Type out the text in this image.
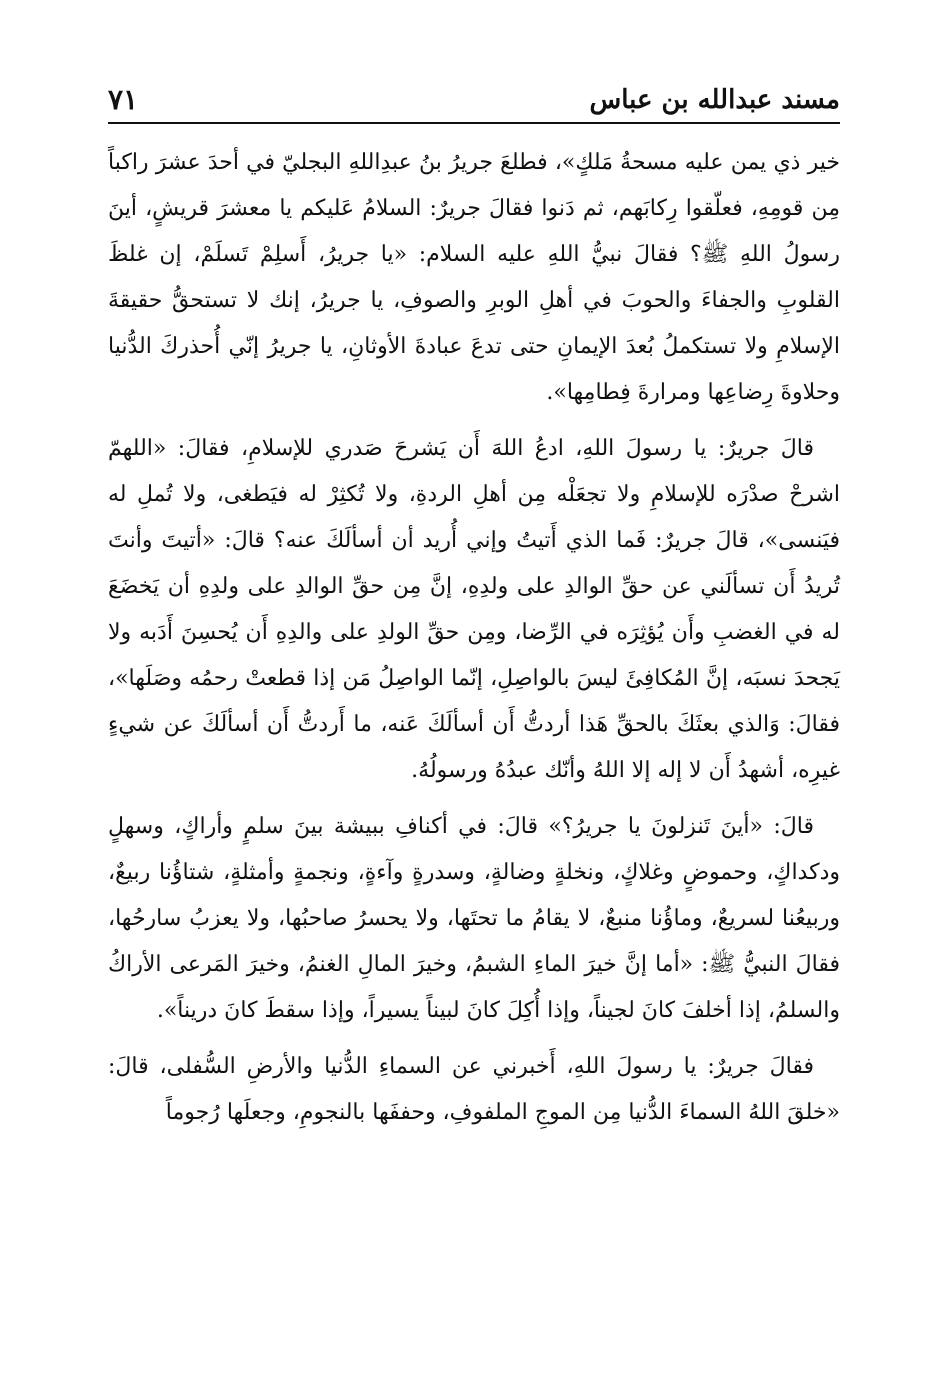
مسند عبدالله بن عباس
٧١

خير ذي يمن عليه مسحةُ مَلكٍ»، فطلعَ جريرُ بنُ عبدِاللهِ البجليّ في أحدَ عشرَ راكباً مِن قومِهِ، فعلّقوا رِكابَهم، ثم دَنوا فقالَ جريرٌ: السلامُ عَليكم يا معشرَ قريشٍ، أينَ رسولُ اللهِ ﷺ؟ فقالَ نبيُّ اللهِ عليه السلام: «يا جريرُ، أَسلِمْ تَسلَمْ، إن غلظَ القلوبِ والجفاءَ والحوبَ في أهلِ الوبرِ والصوفِ، يا جريرُ، إنك لا تستحقُّ حقيقةَ الإسلامِ ولا تستكملُ بُعدَ الإيمانِ حتى تدعَ عبادةَ الأوثانِ، يا جريرُ إنّي أُحذركَ الدُّنيا وحلاوةَ رِضاعِها ومرارةَ فِطامِها».

قالَ جريرٌ: يا رسولَ اللهِ، ادعُ اللهَ أَن يَشرحَ صَدري للإسلامِ، فقالَ: «اللهمّ اشرحْ صدْرَه للإسلامِ ولا تجعَلْه مِن أهلِ الردةِ، ولا تُكثِرْ له فيَطغى، ولا تُملِ له فيَنسى»، قالَ جريرٌ: فَما الذي أَتيتُ وإني أُريد أن أسألَكَ عنه؟ قالَ: «أتيتَ وأنتَ تُريدُ أَن تسألَني عن حقِّ الوالدِ على ولدِهِ، إنَّ مِن حقِّ الوالدِ على ولدِهِ أن يَخضَعَ له في الغضبِ وأَن يُؤثِرَه في الرِّضا، ومِن حقِّ الولدِ على والدِهِ أَن يُحسِنَ أَدَبه ولا يَجحدَ نسبَه، إنَّ المُكافِئَ ليسَ بالواصِلِ، إنّما الواصِلُ مَن إذا قطعتْ رحمُه وصَلَها»، فقالَ: وَالذي بعثَكَ بالحقِّ هَذا أردتُّ أَن أسألَكَ عَنه، ما أَردتُّ أَن أسألَكَ عن شيءٍ غيرِه، أشهدُ أَن لا إله إلا اللهُ وأنّك عبدُهُ ورسولُهُ.

قالَ: «أينَ تَنزلونَ يا جريرُ؟» قالَ: في أكنافِ ببيشة بينَ سلمٍ وأراكٍ، وسهلٍ ودكداكٍ، وحموضٍ وغلاكٍ، ونخلةٍ وضالةٍ، وسدرةٍ وآءةٍ، ونجمةٍ وأمثلةٍ، شتاؤُنا ربيعٌ، وربيعُنا لسريعٌ، وماؤُنا منبعٌ، لا يقامُ ما تحتَها، ولا يحسرُ صاحبُها، ولا يعزبُ سارحُها، فقالَ النبيُّ ﷺ: «أما إنَّ خيرَ الماءِ الشبمُ، وخيرَ المالِ الغنمُ، وخيرَ المَرعى الأراكُ والسلمُ، إذا أخلفَ كانَ لجيناً، وإذا أُكِلَ كانَ لبيناً يسيراً، وإذا سقطَ كانَ دريناً».

فقالَ جريرٌ: يا رسولَ اللهِ، أَخبرني عن السماءِ الدُّنيا والأرضِ السُّفلى، قالَ: «خلقَ اللهُ السماءَ الدُّنيا مِن الموجِ الملفوفِ، وحففَها بالنجومِ، وجعلَها رُجوماً
